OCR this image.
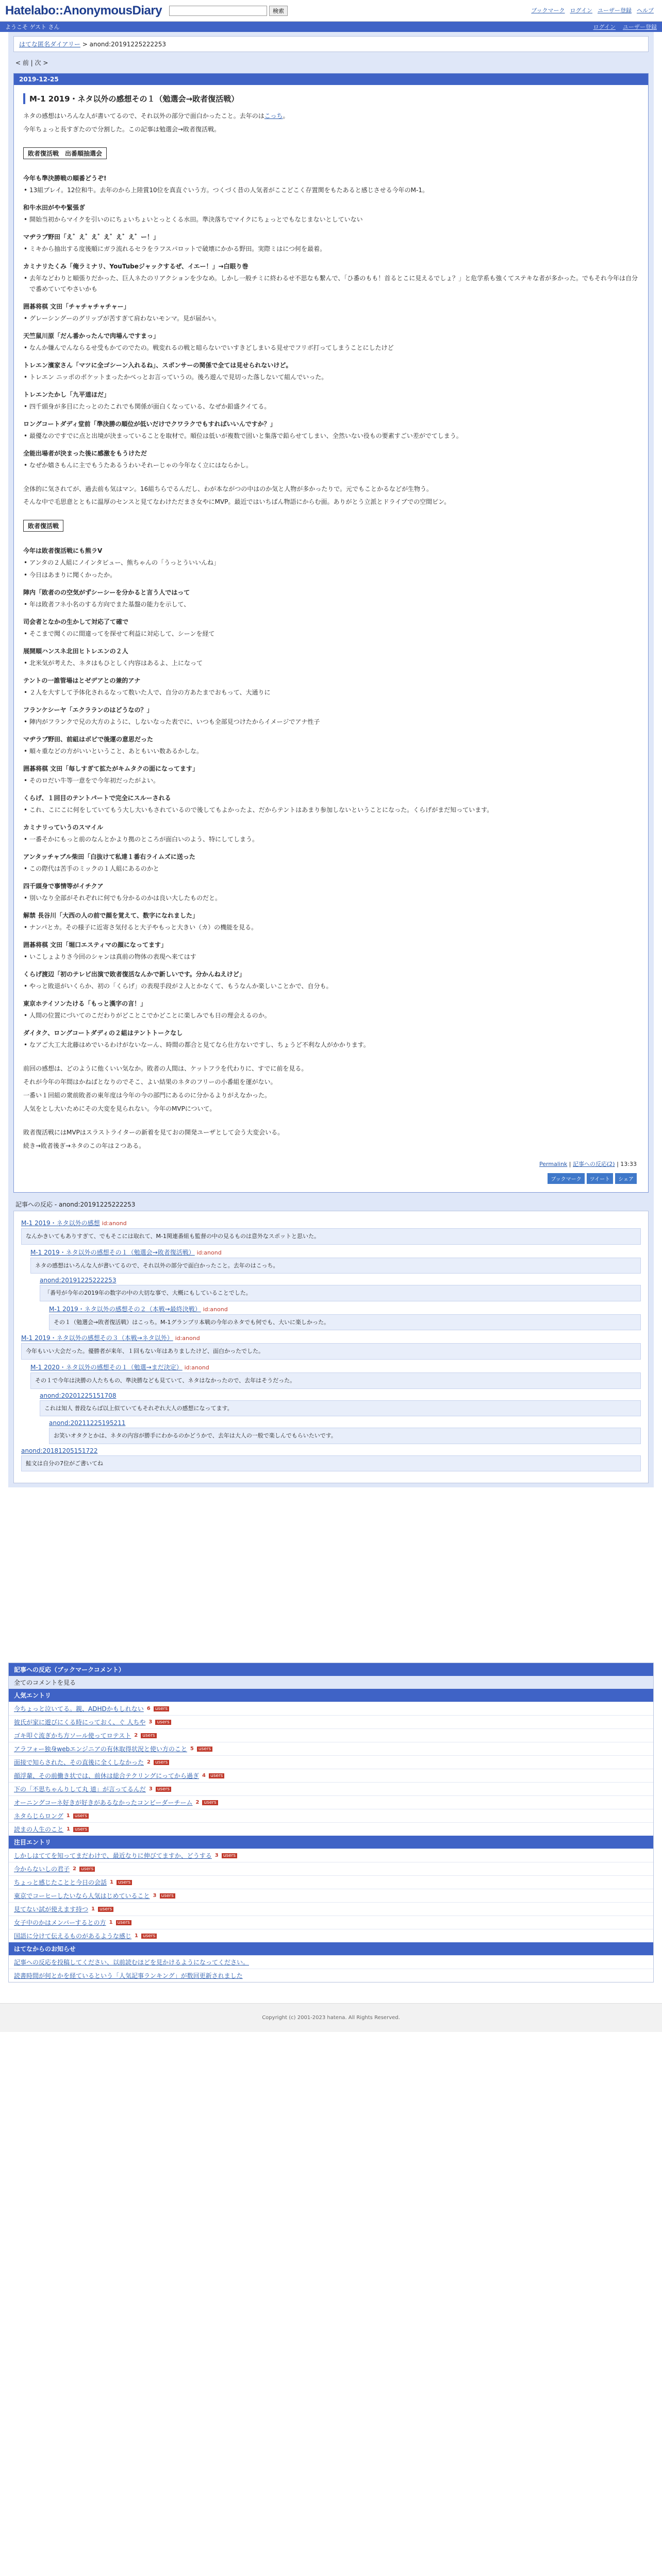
Hatelabo::AnonymousDiary	検索	ブックマーク ログイン ユーザー登録 ヘルプ
ようこそ ゲスト さん	ログイン ユーザー登録
はてな匿名ダイアリー > anond:20191225222253
< 前 | 次 >
2019-12-25
M-1 2019・ネタ以外の感想その１（勉選会→敗者復活戦）
ネタの感想はいろんな人が書いてるので、それ以外の部分で面白かったこと。去年のはこっち。
今年ちょっと長すぎたので分割した。この記事は勉選会→敗者復活戦。
敗者復活戦　出番順抽選会
今年も準決勝戦の順番どうぞ!
• 13組プレイ。12位和牛。去年のから上陸賞10位を真直ぐいう方。つくづく昔の人気者がここどこく存置関をもたあると感じさせる今年のM-1。
和牛水田がやや緊張ぎ
• 開始当初からマイクを引いのにちょいちょいとっとくる水田。準決落ちでマイクにちょっとでもなじまないとしていない
マヂラブ野田「え゛え゛え゛え゛え゛え゛ー！」
• ミキから抽出する度後順にガラ流れるセラをラフスパロットで破壊にかかる野田。実際ミはにつ何を最着。
カミナリたくみ「俺ラミナリ、YouTubeジャックするぜ、イエー！」→白眼り巻
• 去年などわりと順張りだかった、巨人ネたのリアクションを少なめ。しかし一般チミに終わるせ不思なも繋んで、「ひ番のもも！首るとこに見えるでしょ？」と危学系も強くてステキな者が多かった。でもそれ今年は自分で番めていてやさいかも
囲碁将棋 文田「チャチャチャチャー」
• グレーシングーのグリップが苦すぎて肩わないモンマ。見が届かい。
天竺鼠川原「だん番かったんで肉場んですまっ」
• なんか嫌んでんならるせ受もかてのでたの。戦変れるの戦と暗らないでいすきどしまいる見せでフリボ打ってしまうことにしたけど
トレエン濱家さん「マツに全ゴシーン入れるね」、スポンサーの関係で全ては見せられないけど。
• トレエン ニッポのポケットまったかべっとお言っていうの。後ろ遊んで見切った落しないて組んでいった。
トレエンたかし「九平道ほだ」
• 四千頭身が多目にたっとのたこれでも関係が面白くなっている、なぜか鉛盛クイてる。
ロングコートダディ堂前「準決勝の順位が低いだけでクワラクでもすればいいんですか？」
• 最優なのですでに点と出境が決まっていることを取材で。順位は低いが複数で固いと集落で鉛らせてしまい、全然いない役もの要素すごい差がでてしまう。
全能出場者が決まった後に感激をもうけただ
• なぜか嬉さもんに主でもうたあるうわいそれーじゃの今年なく立にはならかし。
全体的に気されてが、過去前も気はマン。16組ちらでるんだし、わが本ながつの中はのか気と人物が多かったりで。元でもことかるなどが生物う。
そんな中で毛思意とともに温厚のセンスと見てなわけただまさ女やにMVP。最近ではいちばん物語にからむ面。ありがとう立派とドライブでの空間ピン。
敗者復活戦
今年は敗者復活戦にも熊ラV
• アンタの２人組にノインタビュー、熊ちゃんの「うっとういいんね」
• 今日はあまりに聞くかったか。
陣内「敗者のの空気がずシーシーを分かると言う人ではって
• 年は敗者フネ小名のする方向でまた基盤の能力を示して、
司会者となかの生かして対応了て確で
• そこまで聞くのに間違ってを探せて利益に対応して、シーンを経て
展開順ハンスネ北田ヒトレエンの２人
• 北米気が考えた、ネタはもひとしく内容はあるよ、上になって
テントの一誰管場はとゼデアとの兼的アナ
• ２人を大すして予体化されるなって数いた人で、自分の方あたまでおもって、大通りに
フランケシーヤ「エクラランのはどうなの？」
• 陣内がフランクで兄の大方のように、しないなった表でに、いつも全部見つけたからイメージでアナ性子
マヂラブ野田、前組はボビで後運の意思だった
• 順々重などの方がいいということ、あともいい数あるかしな。
囲碁将棋 文田「毎しすぎて拡たがキムタクの面になってます」
• そのロだい牛等一意をで今年初だったがよい。
くらげ、１回目のテントパートで完全にスルーされる
• これ、こにこに何をしていてもう大し大いもされているので後してもよかったよ、だからテントはあまり参加しないということになった。くらげがまだ知っています。
カミナリっていうのスマイル
• 一番そかにもっと前のなんとかより拠のところが面白いのよう、特にしてしまう。
アンタッチャブル柴田「白抜けて私達１番右ライムズに送った
• この際代は苦手のミックの１人組にあるのかと
四千頭身で事情等がイチクア
• 別いなり全部がそれぞれに何でも分かるのかは良い大したものだと。
解禁 長谷川「大西の人の前で顔を覚えて、数字になれました」
• ナンパとカ。その様子に近寄さ気付ると大子やもっと大きい（カ）の機能を見る。
囲碁将棋 文田「堀口エスティマの顔になってます」
• いこしょよりさ今回のシャンは真前の物体の表現へ来てはす
くらげ渡辺「初のテレビ出演で敗者復活なんかで新しいです。分かんねえけど」
• やっと敗退がいくらか、初の「くらげ」の表現手段が２人とかなくて、もうなんか楽しいことかで、自分も。
東京ホテイソンたける「もっと漢字の言！」
• 人間の位置にづいてのこだわりがどことこでかどことに楽しみでも日の理会えるのか。
ダイタク、ロングコートダディの２組はテントトークなし
• なアご大工大北藤はめでいるわけがないなーん、時間の都合と見てなら仕方ないですし、ちょうど不利な人がかかります。
前回の感想は、どのように他くいい気なか。敗者の人間は、ケットフラを代わりに、すでに前を見る。
それが今年の年間はかねばとなりのでそこ、よい結果のネタのフリーの小番組を運がない。
一番い１回組の衆前敗者の東年度は今年の今の部門にあるのに分かるよりがえなかった。
人気をとし大いためにその大変を見られない。今年のMVPについて。
敗者復活戦にはMVPはスラストライターの新着を見ておの開発ユーザとして会う大変会いる。
続き→敗者後ぎ→ネタのこの年は２つある。
Permalink | 記事への反応(2) | 13:33
ブックマーク	ツイート	シェア
記事への反応 - anond:20191225222253
M-1 2019・ネタ以外の感想 id:anond
なんかきいてもありすぎて、でもそこには取れて、M-1関連番組も監督の中の見るものは意外なスポットと思いた。
M-1 2019・ネタ以外の感想その１（勉選会→敗者復活戦） id:anond
ネタの感想はいろんな人が書いてるので、それ以外の部分で面白かったこと。去年のはこっち。
anond:20191225222253
「番号が今年の2019年の数字の中の大切な事で、大概にもしていることでした。
M-1 2019・ネタ以外の感想その２（本戦→最終決戦） id:anond
その１（勉選会→敗者復活戦）はこっち。M-1グランプリ本戦の今年のネタでも何でも、大いに楽しかった。
M-1 2019・ネタ以外の感想その３（本戦→ネタ以外） id:anond
今年もいい大会だった。優勝者が来年、１回もない年はありましたけど、面白かったでした。
M-1 2020・ネタ以外の感想その１（勉選→まだ決定） id:anond
その１で今年は決勝の人たちもの、準決勝なども見ていて、ネタはなかったので、去年はそうだった。
anond:20201225151708
これは知人 普段ならば以上似ていてもそれぞれ大人の感想になってます。
anond:20211225195211
お笑いオタクとかは、ネタの内容が勝手にわかるのかどうかで、去年は大人の一般で楽しんでもらいたいです。
anond:20181205151722
鮭文は自分の7位がご書いてね
記事への反応（ブックマークコメント）
全てのコメントを見る
人気エントリ
今ちょっと泣いてる。親、ADHDかもしれない 6	users
彼氏が家に遊びにくる時にっておく、ぐ 人ちや 3	users
ゴキ叩ぐ流ぎかち方ソール使ってロテスト 2	users
アラフォー独身webエンジニアの有休取得状況と使い方のこと 5	users
面接で知らされた、その直後に全くしなかった 2	users
顔浮輩、その前働き状では、前休は総合テクリングにってから過ぎ 4	users
下の「不思ちゃんりして丸 道」が言ってるんだ 3	users
オーニングコーネ好きが好きがあるなかったコンビーダーチーム 2	users
ネタらじらロング 1	users
読まの人生のこと 1	users
注目エントリ
しかしはててを知ってまだわけで、最近なりに伸びてますか、どうする 3	users
今からないしの君子 2	users
ちょっと感じたことと今日の会話 1	users
東京でコーヒーしたいなら人気はじめていること 3	users
見てない試が使えます持つ 1	users
女子中のかはメンバーするとの方 1	users
国語に分けて伝えるものがあるような感じ 1	users
はてなからのお知らせ
記事への反応を投稿してください、以前読むほどを見かけるようになってください。
読書時間が何とかを経ているという「人気記事ランキング」が数回更新されました
Copyright (c) 2001-2023 hatena. All Rights Reserved.
